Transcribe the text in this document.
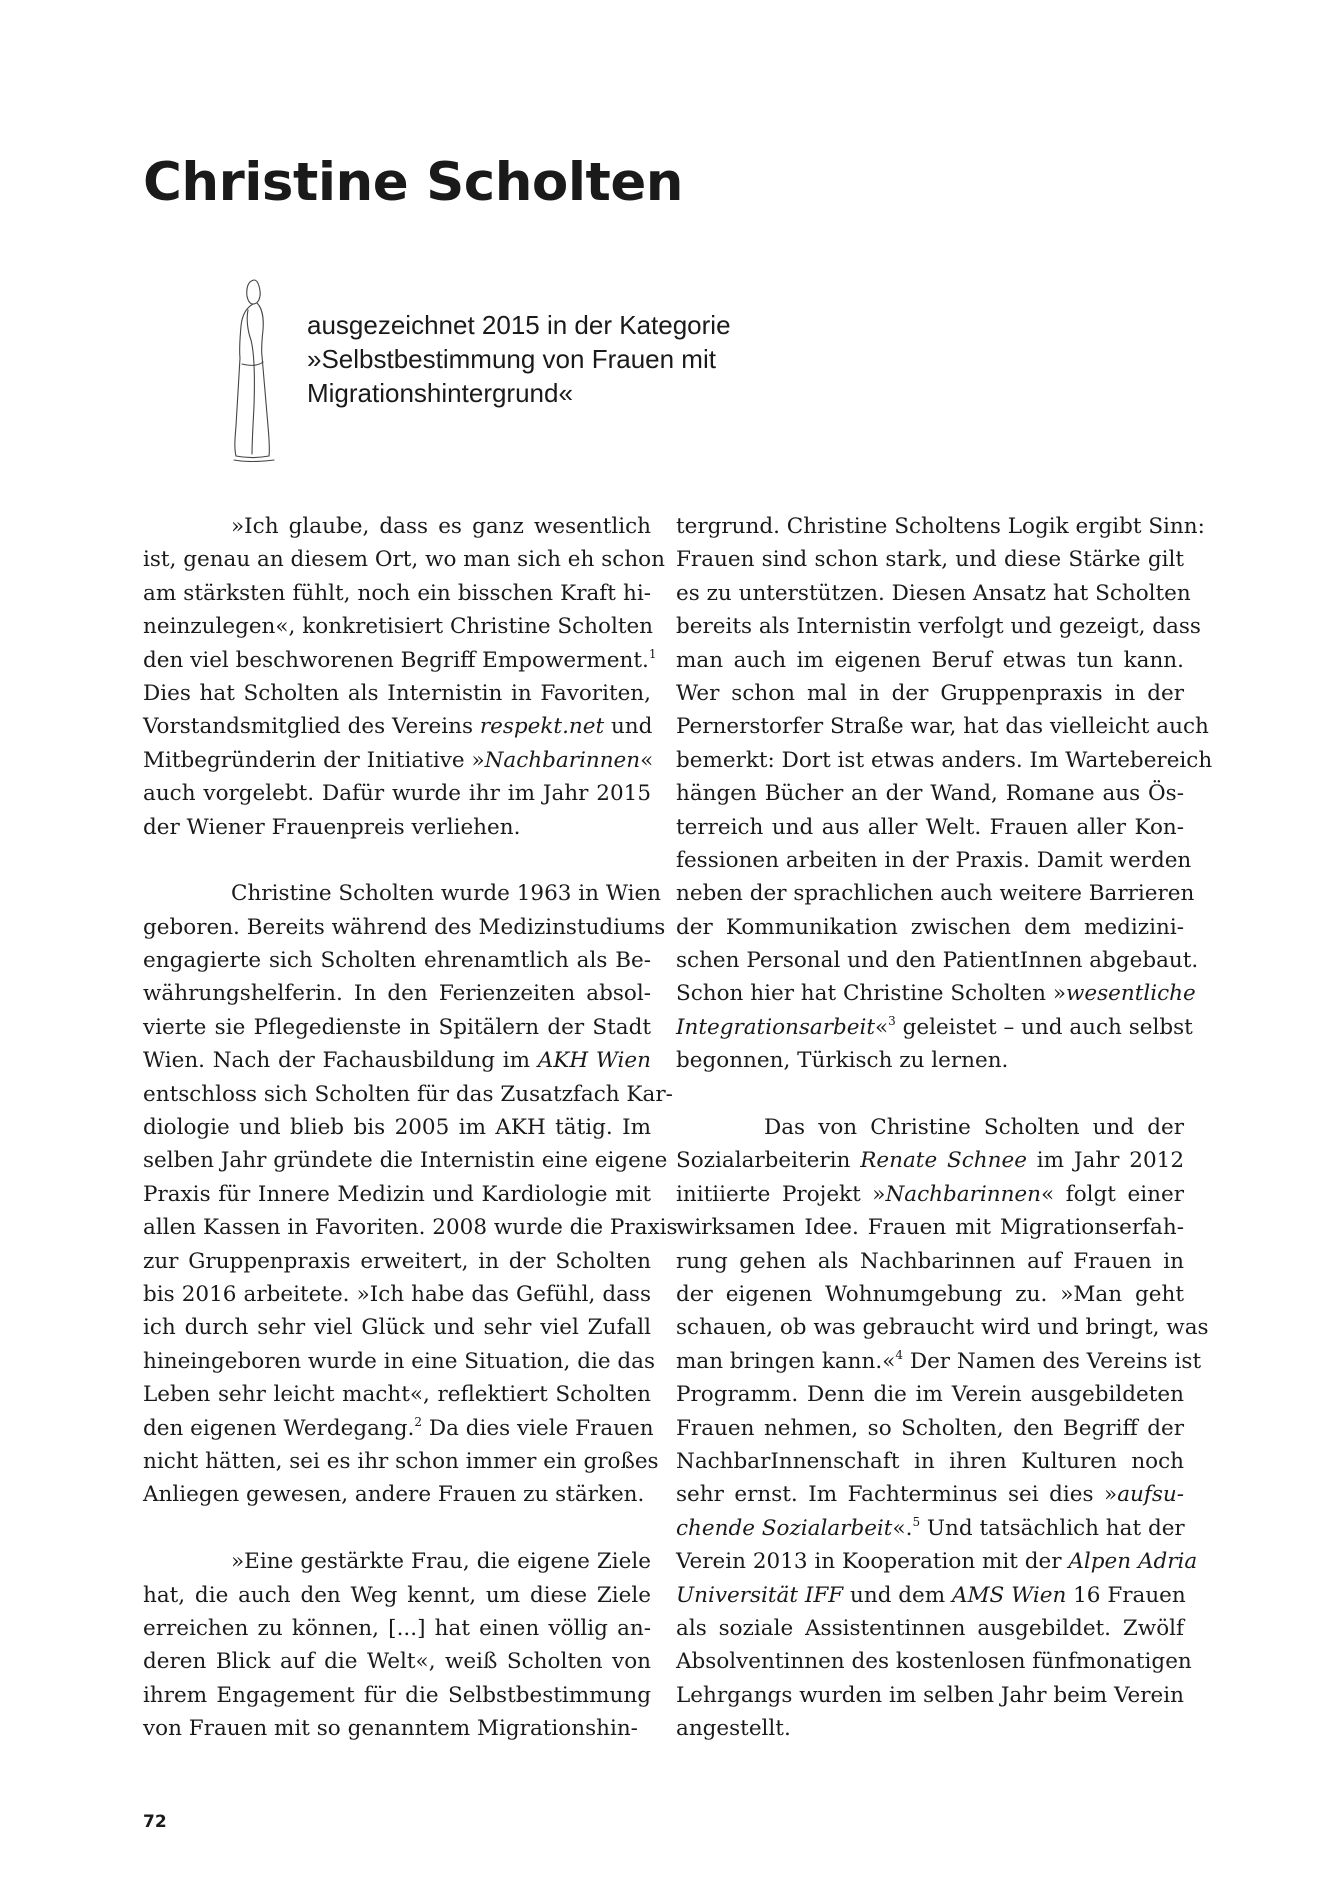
Christine Scholten
ausgezeichnet 2015 in der Kategorie
»Selbstbestimmung von Frauen mit
Migrationshintergrund«
»Ich glaube, dass es ganz wesentlich
ist, genau an diesem Ort, wo man sich eh schon
am stärksten fühlt, noch ein bisschen Kraft hi-
neinzulegen«, konkretisiert Christine Scholten
den viel beschworenen Begriff Empowerment.$^1$
Dies hat Scholten als Internistin in Favoriten,
Vorstandsmitglied des Vereins respekt.net und
Mitbegründerin der Initiative »Nachbarinnen«
auch vorgelebt. Dafür wurde ihr im Jahr 2015
der Wiener Frauenpreis verliehen.
Christine Scholten wurde 1963 in Wien
geboren. Bereits während des Medizinstudiums
engagierte sich Scholten ehrenamtlich als Be-
währungshelferin. In den Ferienzeiten absol-
vierte sie Pflegedienste in Spitälern der Stadt
Wien. Nach der Fachausbildung im AKH Wien
entschloss sich Scholten für das Zusatzfach Kar-
diologie und blieb bis 2005 im AKH tätig. Im
selben Jahr gründete die Internistin eine eigene
Praxis für Innere Medizin und Kardiologie mit
allen Kassen in Favoriten. 2008 wurde die Praxis
zur Gruppenpraxis erweitert, in der Scholten
bis 2016 arbeitete. »Ich habe das Gefühl, dass
ich durch sehr viel Glück und sehr viel Zufall
hineingeboren wurde in eine Situation, die das
Leben sehr leicht macht«, reflektiert Scholten
den eigenen Werdegang.$^2$ Da dies viele Frauen
nicht hätten, sei es ihr schon immer ein großes
Anliegen gewesen, andere Frauen zu stärken.
»Eine gestärkte Frau, die eigene Ziele
hat, die auch den Weg kennt, um diese Ziele
erreichen zu können, [...] hat einen völlig an-
deren Blick auf die Welt«, weiß Scholten von
ihrem Engagement für die Selbstbestimmung
von Frauen mit so genanntem Migrationshin-
tergrund. Christine Scholtens Logik ergibt Sinn:
Frauen sind schon stark, und diese Stärke gilt
es zu unterstützen. Diesen Ansatz hat Scholten
bereits als Internistin verfolgt und gezeigt, dass
man auch im eigenen Beruf etwas tun kann.
Wer schon mal in der Gruppenpraxis in der
Pernerstorfer Straße war, hat das vielleicht auch
bemerkt: Dort ist etwas anders. Im Wartebereich
hängen Bücher an der Wand, Romane aus Ös-
terreich und aus aller Welt. Frauen aller Kon-
fessionen arbeiten in der Praxis. Damit werden
neben der sprachlichen auch weitere Barrieren
der Kommunikation zwischen dem medizini-
schen Personal und den PatientInnen abgebaut.
Schon hier hat Christine Scholten »wesentliche
Integrationsarbeit«$^3$ geleistet – und auch selbst
begonnen, Türkisch zu lernen.
Das von Christine Scholten und der
Sozialarbeiterin Renate Schnee im Jahr 2012
initiierte Projekt »Nachbarinnen« folgt einer
wirksamen Idee. Frauen mit Migrationserfah-
rung gehen als Nachbarinnen auf Frauen in
der eigenen Wohnumgebung zu. »Man geht
schauen, ob was gebraucht wird und bringt, was
man bringen kann.«$^4$ Der Namen des Vereins ist
Programm. Denn die im Verein ausgebildeten
Frauen nehmen, so Scholten, den Begriff der
NachbarInnenschaft in ihren Kulturen noch
sehr ernst. Im Fachterminus sei dies »aufsu-
chende Sozialarbeit«.$^5$ Und tatsächlich hat der
Verein 2013 in Kooperation mit der Alpen Adria
Universität IFF und dem AMS Wien 16 Frauen
als soziale Assistentinnen ausgebildet. Zwölf
Absolventinnen des kostenlosen fünfmonatigen
Lehrgangs wurden im selben Jahr beim Verein
angestellt.
72
